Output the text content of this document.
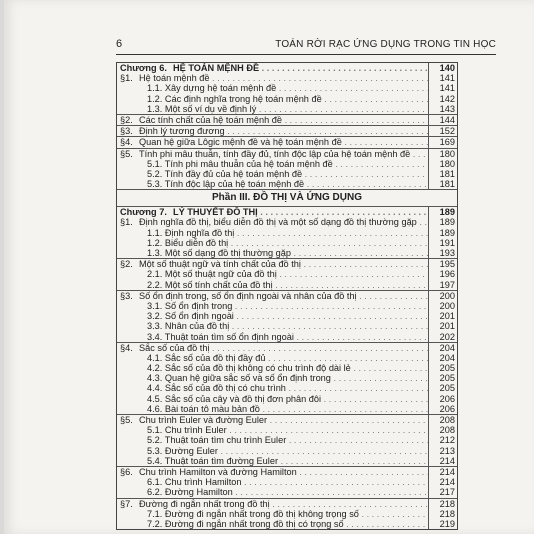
6	TOÁN RỜI RẠC ỨNG DỤNG TRONG TIN HỌC
Chương 6. HỆ TOÁN MỆNH ĐỀ . . .	140
§1. Hệ toán mệnh đề . . .	141
1.1. Xây dựng hệ toán mệnh đề . . .	141
1.2. Các định nghĩa trong hệ toán mệnh đề . . .	142
1.3. Một số ví dụ về định lý . . .	143
§2. Các tính chất của hệ toán mệnh đề . . .	144
§3. Định lý tương đương . . .	152
§4. Quan hệ giữa Lôgic mệnh đề và hệ toán mệnh đề . . .	169
§5. Tính phi mâu thuẫn, tính đầy đủ, tính độc lập của hệ toán mệnh đề . . .	180
5.1. Tính phi mâu thuẫn của hệ toán mệnh đề . . .	180
5.2. Tính đầy đủ của hệ toán mệnh đề . . .	181
5.3. Tính độc lập của hệ toán mệnh đề . . .	181
Phần III. ĐỒ THỊ VÀ ỨNG DỤNG
Chương 7. LÝ THUYẾT ĐỒ THỊ . . .	189
§1. Định nghĩa đồ thị, biểu diễn đồ thị và một số dạng đồ thị thường gặp . . .	189
1.1. Định nghĩa đồ thị . . .	189
1.2. Biểu diễn đồ thị . . .	191
1.3. Một số dạng đồ thị thường gặp . . .	193
§2. Một số thuật ngữ và tính chất của đồ thị . . .	195
2.1. Một số thuật ngữ của đồ thị . . .	196
2.2. Một số tính chất của đồ thị . . .	197
§3. Số ổn định trong, số ổn định ngoài và nhân của đồ thị . . .	200
3.1. Số ổn định trong . . .	200
3.2. Số ổn định ngoài . . .	201
3.3. Nhân của đồ thị . . .	201
3.4. Thuật toán tìm số ổn định ngoài . . .	202
§4. Sắc số của đồ thị . . .	204
4.1. Sắc số của đồ thị đầy đủ . . .	204
4.2. Sắc số của đồ thị không có chu trình độ dài lẻ . . .	205
4.3. Quan hệ giữa sắc số và số ổn định trong . . .	205
4.4. Sắc số của đồ thị có chu trình . . .	205
4.5. Sắc số của cây và đồ thị đơn phân đôi . . .	206
4.6. Bài toán tô màu bản đồ . . .	206
§5. Chu trình Euler và đường Euler . . .	208
5.1. Chu trình Euler . . .	208
5.2. Thuật toán tìm chu trình Euler . . .	212
5.3. Đường Euler . . .	213
5.4. Thuật toán tìm đường Euler . . .	214
§6. Chu trình Hamilton và đường Hamilton . . .	214
6.1. Chu trình Hamilton . . .	214
6.2. Đường Hamilton . . .	217
§7. Đường đi ngắn nhất trong đồ thị . . .	218
7.1. Đường đi ngắn nhất trong đồ thị không trọng số . . .	218
7.2. Đường đi ngắn nhất trong đồ thị có trọng số . . .	219
